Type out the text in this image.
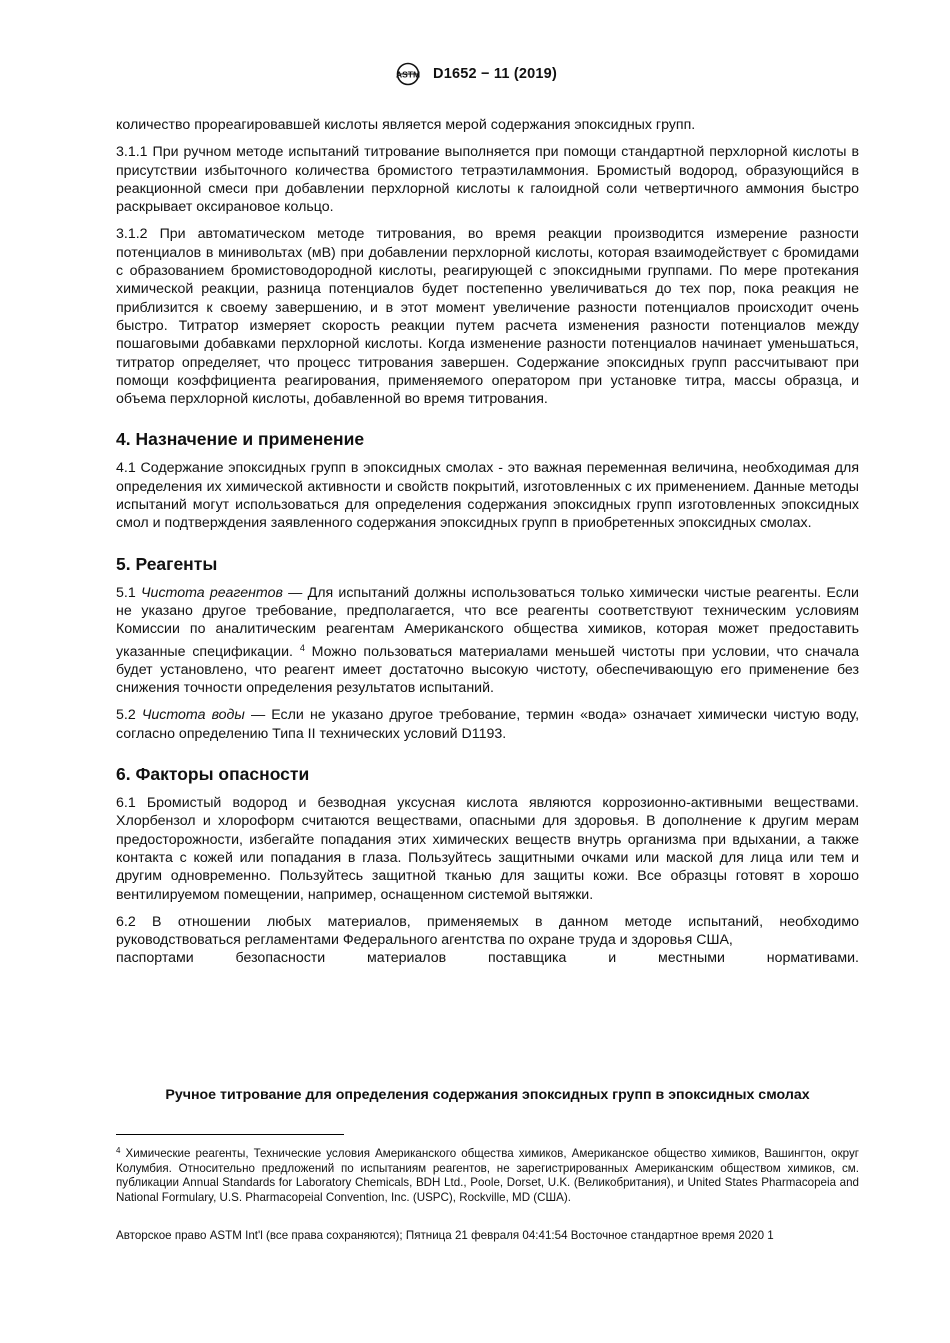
ASTM D1652 − 11 (2019)

количество прореагировавшей кислоты является мерой содержания эпоксидных групп.

3.1.1 При ручном методе испытаний титрование выполняется при помощи стандартной перхлорной кислоты в присутствии избыточного количества бромистого тетраэтиламмония. Бромистый водород, образующийся в реакционной смеси при добавлении перхлорной кислоты к галоидной соли четвертичного аммония быстро раскрывает оксирановое кольцо.

3.1.2 При автоматическом методе титрования, во время реакции производится измерение разности потенциалов в минивольтах (мВ) при добавлении перхлорной кислоты, которая взаимодействует с бромидами с образованием бромистоводородной кислоты, реагирующей с эпоксидными группами. По мере протекания химической реакции, разница потенциалов будет постепенно увеличиваться до тех пор, пока реакция не приблизится к своему завершению, и в этот момент увеличение разности потенциалов происходит очень быстро. Титратор измеряет скорость реакции путем расчета изменения разности потенциалов между пошаговыми добавками перхлорной кислоты. Когда изменение разности потенциалов начинает уменьшаться, титратор определяет, что процесс титрования завершен. Содержание эпоксидных групп рассчитывают при помощи коэффициента реагирования, применяемого оператором при установке титра, массы образца, и объема перхлорной кислоты, добавленной во время титрования.

4. Назначение и применение

4.1 Содержание эпоксидных групп в эпоксидных смолах - это важная переменная величина, необходимая для определения их химической активности и свойств покрытий, изготовленных с их применением. Данные методы испытаний могут использоваться для определения содержания эпоксидных групп изготовленных эпоксидных смол и подтверждения заявленного содержания эпоксидных групп в приобретенных эпоксидных смолах.

5. Реагенты

5.1 Чистота реагентов — Для испытаний должны использоваться только химически чистые реагенты. Если не указано другое требование, предполагается, что все реагенты соответствуют техническим условиям Комиссии по аналитическим реагентам Американского общества химиков, которая может предоставить указанные спецификации. $^4$ Можно пользоваться материалами меньшей чистоты при условии, что сначала будет установлено, что реагент имеет достаточно высокую чистоту, обеспечивающую его применение без снижения точности определения результатов испытаний.

5.2 Чистота воды — Если не указано другое требование, термин «вода» означает химически чистую воду, согласно определению Типа II технических условий D1193.

6. Факторы опасности

6.1 Бромистый водород и безводная уксусная кислота являются коррозионно-активными веществами. Хлорбензол и хлороформ считаются веществами, опасными для здоровья. В дополнение к другим мерам предосторожности, избегайте попадания этих химических веществ внутрь организма при вдыхании, а также контакта с кожей или попадания в глаза. Пользуйтесь защитными очками или маской для лица или тем и другим одновременно. Пользуйтесь защитной тканью для защиты кожи. Все образцы готовят в хорошо вентилируемом помещении, например, оснащенном системой вытяжки.

6.2 В отношении любых материалов, применяемых в данном методе испытаний, необходимо руководствоваться регламентами Федерального агентства по охране труда и здоровья США,

паспортами безопасности материалов поставщика и местными нормативами.

Ручное титрование для определения содержания эпоксидных групп в эпоксидных смолах
$^4$ Химические реагенты, Технические условия Американского общества химиков, Американское общество химиков, Вашингтон, округ Колумбия. Относительно предложений по испытаниям реагентов, не зарегистрированных Американским обществом химиков, см. публикации Annual Standards for Laboratory Chemicals, BDH Ltd., Poole, Dorset, U.K. (Великобритания), и United States Pharmacopeia and National Formulary, U.S. Pharmacopeial Convention, Inc. (USPC), Rockville, MD (США).
Авторское право ASTM Int'l (все права сохраняются); Пятница 21 февраля 04:41:54 Восточное стандартное время 2020 1
